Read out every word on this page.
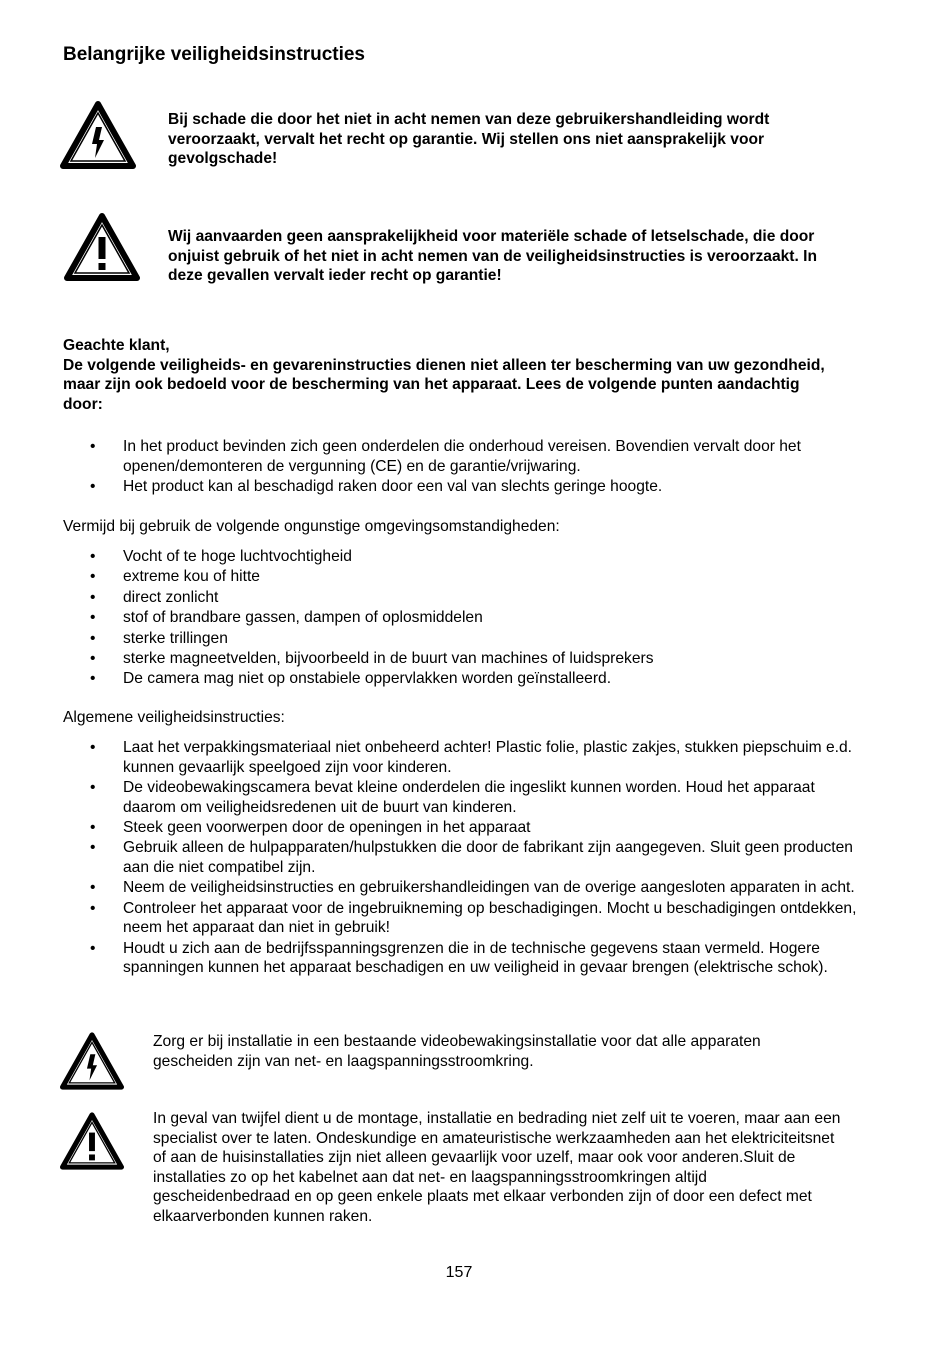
Belangrijke veiligheidsinstructies

Bij schade die door het niet in acht nemen van deze gebruikershandleiding wordt veroorzaakt, vervalt het recht op garantie. Wij stellen ons niet aansprakelijk voor gevolgschade!

Wij aanvaarden geen aansprakelijkheid voor materiële schade of letselschade, die door onjuist gebruik of het niet in acht nemen van de veiligheidsinstructies is veroorzaakt. In deze gevallen vervalt ieder recht op garantie!

Geachte klant,
De volgende veiligheids- en gevareninstructies dienen niet alleen ter bescherming van uw gezondheid, maar zijn ook bedoeld voor de bescherming van het apparaat. Lees de volgende punten aandachtig door:
• In het product bevinden zich geen onderdelen die onderhoud vereisen. Bovendien vervalt door het openen/demonteren de vergunning (CE) en de garantie/vrijwaring.
• Het product kan al beschadigd raken door een val van slechts geringe hoogte.

Vermijd bij gebruik de volgende ongunstige omgevingsomstandigheden:

• Vocht of te hoge luchtvochtigheid
• extreme kou of hitte
• direct zonlicht
• stof of brandbare gassen, dampen of oplosmiddelen
• sterke trillingen
• sterke magneetvelden, bijvoorbeeld in de buurt van machines of luidsprekers
• De camera mag niet op onstabiele oppervlakken worden geïnstalleerd.

Algemene veiligheidsinstructies:

• Laat het verpakkingsmateriaal niet onbeheerd achter! Plastic folie, plastic zakjes, stukken piepschuim e.d. kunnen gevaarlijk speelgoed zijn voor kinderen.
• De videobewakingscamera bevat kleine onderdelen die ingeslikt kunnen worden. Houd het apparaat daarom om veiligheidsredenen uit de buurt van kinderen.
• Steek geen voorwerpen door de openingen in het apparaat
• Gebruik alleen de hulpapparaten/hulpstukken die door de fabrikant zijn aangegeven. Sluit geen producten aan die niet compatibel zijn.
• Neem de veiligheidsinstructies en gebruikershandleidingen van de overige aangesloten apparaten in acht.
• Controleer het apparaat voor de ingebruikneming op beschadigingen. Mocht u beschadigingen ontdekken, neem het apparaat dan niet in gebruik!
• Houdt u zich aan de bedrijfsspanningsgrenzen die in de technische gegevens staan vermeld. Hogere spanningen kunnen het apparaat beschadigen en uw veiligheid in gevaar brengen (elektrische schok).

Zorg er bij installatie in een bestaande videobewakingsinstallatie voor dat alle apparaten gescheiden zijn van net- en laagspanningsstroomkring.

In geval van twijfel dient u de montage, installatie en bedrading niet zelf uit te voeren, maar aan een specialist over te laten. Ondeskundige en amateuristische werkzaamheden aan het elektriciteitsnet of aan de huisinstallaties zijn niet alleen gevaarlijk voor uzelf, maar ook voor anderen.Sluit de installaties zo op het kabelnet aan dat net- en laagspanningsstroomkringen altijd gescheidenbedraad en op geen enkele plaats met elkaar verbonden zijn of door een defect met elkaarverbonden kunnen raken.

157
